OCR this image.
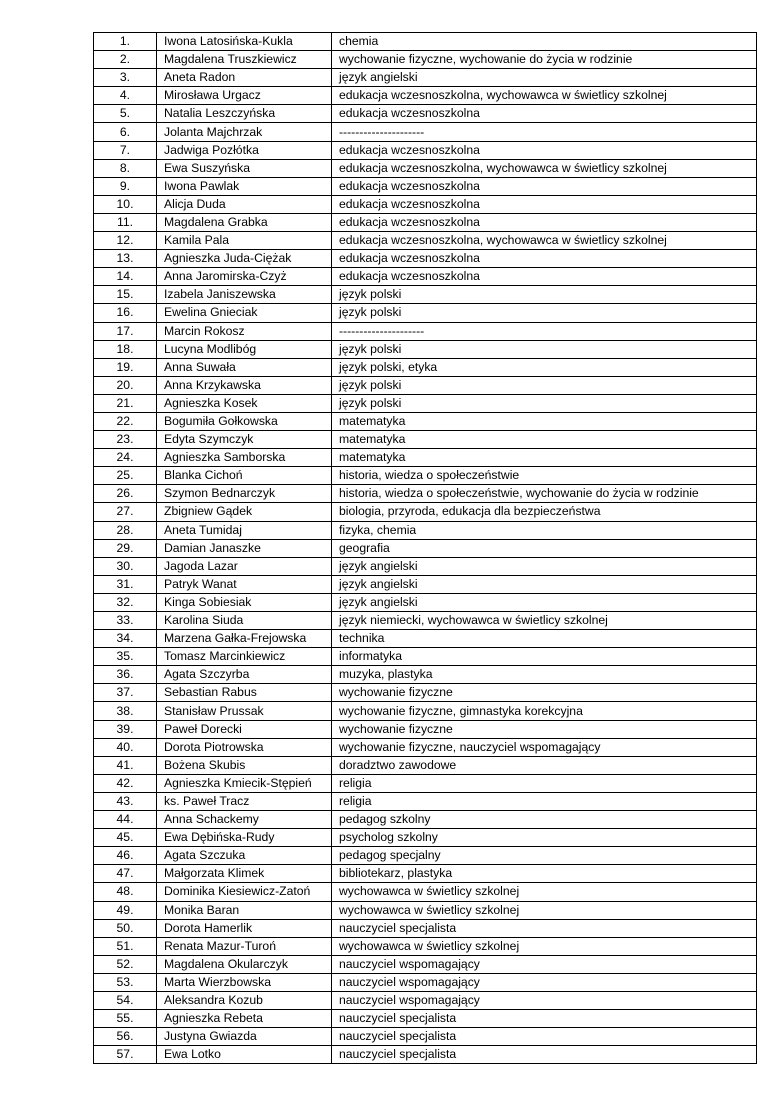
1.	Iwona Latosińska-Kukla	chemia
2.	Magdalena Truszkiewicz	wychowanie fizyczne, wychowanie do życia w rodzinie
3.	Aneta Radon	język angielski
4.	Mirosława Urgacz	edukacja wczesnoszkolna, wychowawca w świetlicy szkolnej
5.	Natalia Leszczyńska	edukacja wczesnoszkolna
6.	Jolanta Majchrzak	---------------------
7.	Jadwiga Pozłótka	edukacja wczesnoszkolna
8.	Ewa Suszyńska	edukacja wczesnoszkolna, wychowawca w świetlicy szkolnej
9.	Iwona Pawlak	edukacja wczesnoszkolna
10.	Alicja Duda	edukacja wczesnoszkolna
11.	Magdalena Grabka	edukacja wczesnoszkolna
12.	Kamila Pala	edukacja wczesnoszkolna, wychowawca w świetlicy szkolnej
13.	Agnieszka Juda-Ciężak	edukacja wczesnoszkolna
14.	Anna Jaromirska-Czyż	edukacja wczesnoszkolna
15.	Izabela Janiszewska	język polski
16.	Ewelina Gnieciak	język polski
17.	Marcin Rokosz	---------------------
18.	Lucyna Modlibóg	język polski
19.	Anna Suwała	język polski, etyka
20.	Anna Krzykawska	język polski
21.	Agnieszka Kosek	język polski
22.	Bogumiła Gołkowska	matematyka
23.	Edyta Szymczyk	matematyka
24.	Agnieszka Samborska	matematyka
25.	Blanka Cichoń	historia, wiedza o społeczeństwie
26.	Szymon Bednarczyk	historia, wiedza o społeczeństwie, wychowanie do życia w rodzinie
27.	Zbigniew Gądek	biologia, przyroda, edukacja dla bezpieczeństwa
28.	Aneta Tumidaj	fizyka, chemia
29.	Damian Janaszke	geografia
30.	Jagoda Lazar	język angielski
31.	Patryk Wanat	język angielski
32.	Kinga Sobiesiak	język angielski
33.	Karolina Siuda	język niemiecki, wychowawca w świetlicy szkolnej
34.	Marzena Gałka-Frejowska	technika
35.	Tomasz Marcinkiewicz	informatyka
36.	Agata Szczyrba	muzyka, plastyka
37.	Sebastian Rabus	wychowanie fizyczne
38.	Stanisław Prussak	wychowanie fizyczne, gimnastyka korekcyjna
39.	Paweł Dorecki	wychowanie fizyczne
40.	Dorota Piotrowska	wychowanie fizyczne, nauczyciel wspomagający
41.	Bożena Skubis	doradztwo zawodowe
42.	Agnieszka Kmiecik-Stępień	religia
43.	ks. Paweł Tracz	religia
44.	Anna Schackemy	pedagog szkolny
45.	Ewa Dębińska-Rudy	psycholog szkolny
46.	Agata Szczuka	pedagog specjalny
47.	Małgorzata Klimek	bibliotekarz, plastyka
48.	Dominika Kiesiewicz-Zatoń	wychowawca w świetlicy szkolnej
49.	Monika Baran	wychowawca w świetlicy szkolnej
50.	Dorota Hamerlik	nauczyciel specjalista
51.	Renata Mazur-Turoń	wychowawca w świetlicy szkolnej
52.	Magdalena Okularczyk	nauczyciel wspomagający
53.	Marta Wierzbowska	nauczyciel wspomagający
54.	Aleksandra Kozub	nauczyciel wspomagający
55.	Agnieszka Rebeta	nauczyciel specjalista
56.	Justyna Gwiazda	nauczyciel specjalista
57.	Ewa Lotko	nauczyciel specjalista
